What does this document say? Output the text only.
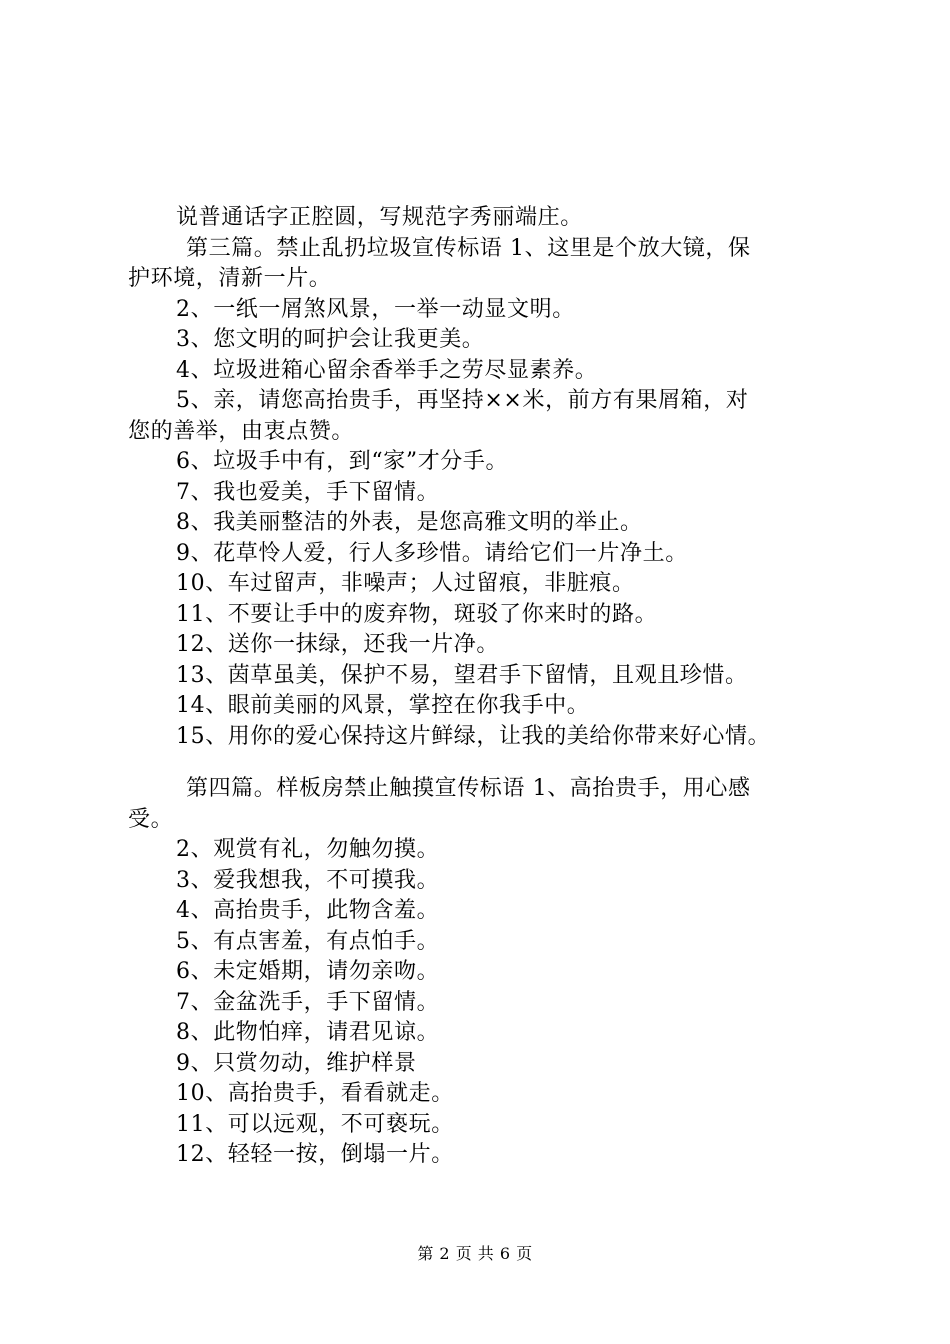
说普通话字正腔圆，写规范字秀丽端庄。
第三篇。禁止乱扔垃圾宣传标语 1、这里是个放大镜，保
护环境，清新一片。
2、一纸一屑煞风景，一举一动显文明。
3、您文明的呵护会让我更美。
4、垃圾进箱心留余香举手之劳尽显素养。
5、亲，请您高抬贵手，再坚持××米，前方有果屑箱，对
您的善举，由衷点赞。
6、垃圾手中有，到“家”才分手。
7、我也爱美，手下留情。
8、我美丽整洁的外表，是您高雅文明的举止。
9、花草怜人爱，行人多珍惜。请给它们一片净土。
10、车过留声，非噪声；人过留痕，非脏痕。
11、不要让手中的废弃物，斑驳了你来时的路。
12、送你一抹绿，还我一片净。
13、茵草虽美，保护不易，望君手下留情，且观且珍惜。
14、眼前美丽的风景，掌控在你我手中。
15、用你的爱心保持这片鲜绿，让我的美给你带来好心情。
第四篇。样板房禁止触摸宣传标语 1、高抬贵手，用心感
受。
2、观赏有礼，勿触勿摸。
3、爱我想我，不可摸我。
4、高抬贵手，此物含羞。
5、有点害羞，有点怕手。
6、未定婚期，请勿亲吻。
7、金盆洗手，手下留情。
8、此物怕痒，请君见谅。
9、只赏勿动，维护样景
10、高抬贵手，看看就走。
11、可以远观，不可亵玩。
12、轻轻一按，倒塌一片。
第 2 页 共 6 页
